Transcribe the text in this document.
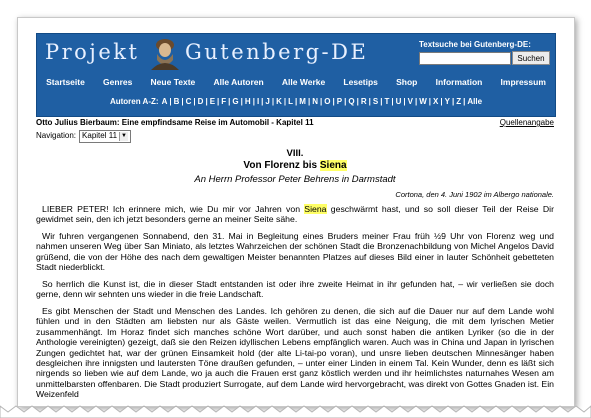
Projekt Gutenberg-DE	Textsuche bei Gutenberg-DE:
Suchen
Startseite Genres Neue Texte Alle Autoren Alle Werke Lesetips Shop Information Impressum
Autoren A-Z: A | B | C | D | E | F | G | H | I | J | K | L | M | N | O | P | Q | R | S | T | U | V | W | X | Y | Z | Alle
Otto Julius Bierbaum: Eine empfindsame Reise im Automobil - Kapitel 11	Quellenangabe
Navigation: Kapitel 11 ▼
VIII.
Von Florenz bis Siena
An Herrn Professor Peter Behrens in Darmstadt
Cortona, den 4. Juni 1902 im Albergo nationale.

LIEBER PETER! Ich erinnere mich, wie Du mir vor Jahren von Siena geschwärmt hast, und so soll dieser Teil der Reise Dir gewidmet sein, den ich jetzt besonders gerne an meiner Seite sähe.

Wir fuhren vergangenen Sonnabend, den 31. Mai in Begleitung eines Bruders meiner Frau früh ½9 Uhr von Florenz weg und nahmen unseren Weg über San Miniato, als letztes Wahrzeichen der schönen Stadt die Bronzenachbildung von Michel Angelos David grüßend, die von der Höhe des nach dem gewaltigen Meister benannten Platzes auf dieses Bild einer in lauter Schönheit gebetteten Stadt niederblickt.

So herrlich die Kunst ist, die in dieser Stadt entstanden ist oder ihre zweite Heimat in ihr gefunden hat, – wir verließen sie doch gerne, denn wir sehnten uns wieder in die freie Landschaft.

Es gibt Menschen der Stadt und Menschen des Landes. Ich gehören zu denen, die sich auf die Dauer nur auf dem Lande wohl fühlen und in den Städten am liebsten nur als Gäste weilen. Vermutlich ist das eine Neigung, die mit dem lyrischen Metier zusammenhängt. Im Horaz findet sich manches schöne Wort darüber, und auch sonst haben die antiken Lyriker (so die in der Anthologie vereinigten) gezeigt, daß sie den Reizen idyllischen Lebens empfänglich waren. Auch was in China und Japan in lyrischen Zungen gedichtet hat, war der grünen Einsamkeit hold (der alte Li-tai-po voran), und unsre lieben deutschen Minnesänger haben desgleichen ihre innigsten und lautersten Töne draußen gefunden, – unter einer Linden in einem Tal. Kein Wunder, denn es läßt sich nirgends so lieben wie auf dem Lande, wo ja auch die Frauen erst ganz köstlich werden und ihr heimlichstes naturnahes Wesen am unmittelbarsten offenbaren. Die Stadt produziert Surrogate, auf dem Lande wird hervorgebracht, was direkt von Gottes Gnaden ist. Ein Weizenfeld
